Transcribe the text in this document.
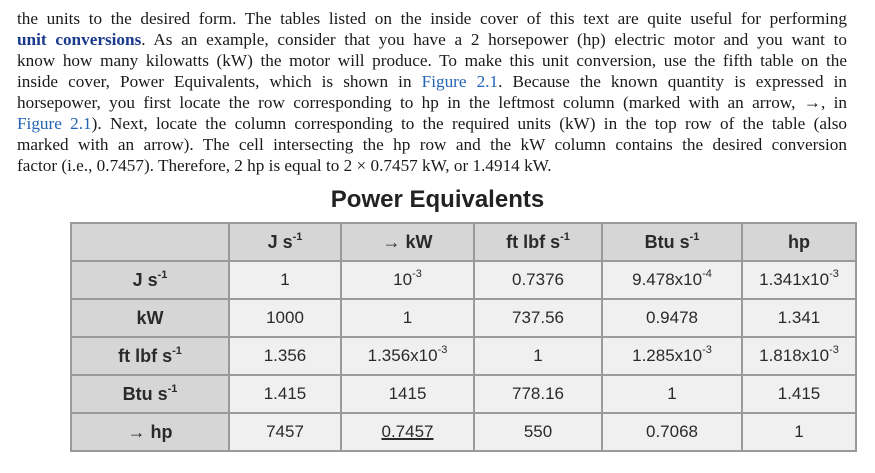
the units to the desired form. The tables listed on the inside cover of this text are quite useful for performing
unit conversions. As an example, consider that you have a 2 horsepower (hp) electric motor and you want to
know how many kilowatts (kW) the motor will produce. To make this unit conversion, use the fifth table on the
inside cover, Power Equivalents, which is shown in Figure 2.1. Because the known quantity is expressed in
horsepower, you first locate the row corresponding to hp in the leftmost column (marked with an arrow, →, in
Figure 2.1). Next, locate the column corresponding to the required units (kW) in the top row of the table (also
marked with an arrow). The cell intersecting the hp row and the kW column contains the desired conversion
factor (i.e., 0.7457). Therefore, 2 hp is equal to 2 × 0.7457 kW, or 1.4914 kW.
Power Equivalents
	J $s^{-1}$	→ kW	ft lbf $s^{-1}$	Btu $s^{-1}$	hp
J $s^{-1}$	1	$10^{-3}$	0.7376	$9.478x10^{-4}$	$1.341x10^{-3}$
kW	1000	1	737.56	0.9478	1.341
ft lbf $s^{-1}$	1.356	$1.356x10^{-3}$	1	$1.285x10^{-3}$	$1.818x10^{-3}$
Btu $s^{-1}$	1.415	1415	778.16	1	1.415
→ hp	7457	0.7457	550	0.7068	1
